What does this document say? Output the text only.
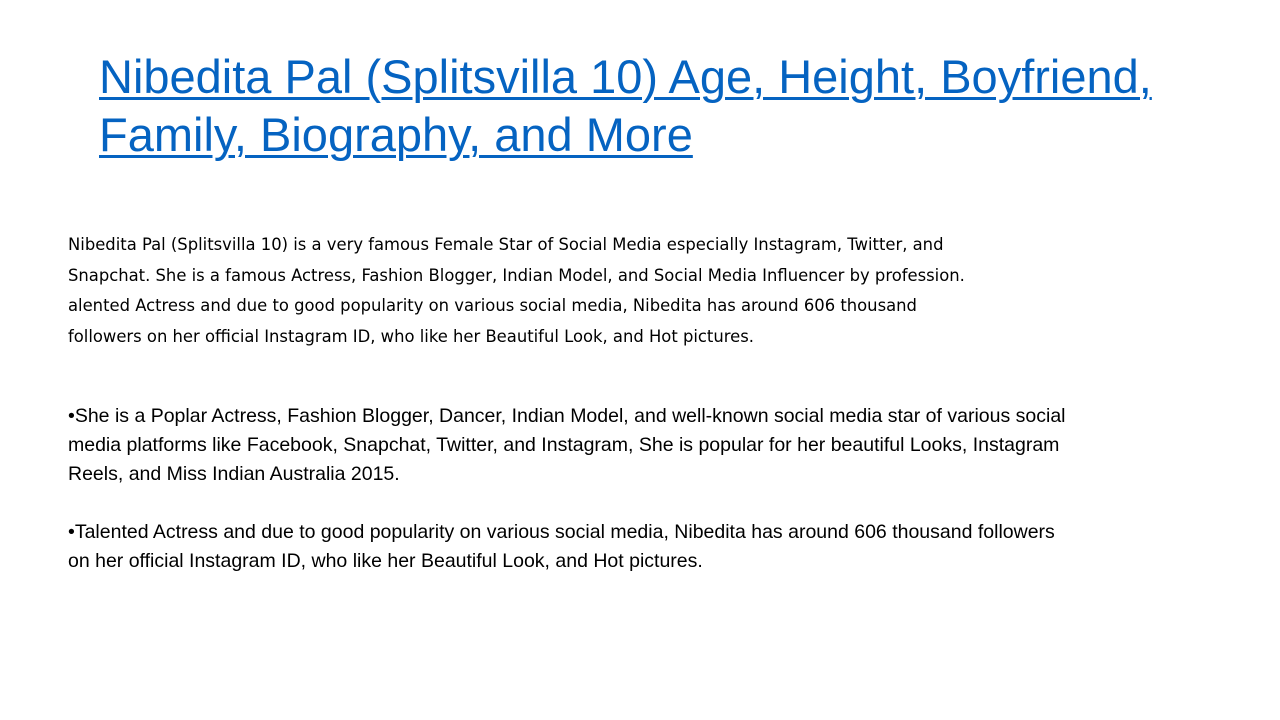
Nibedita Pal (Splitsvilla 10) Age, Height, Boyfriend, Family, Biography, and More

Nibedita Pal (Splitsvilla 10) is a very famous Female Star of Social Media especially Instagram, Twitter, and Snapchat. She is a famous Actress, Fashion Blogger, Indian Model, and Social Media Influencer by profession. alented Actress and due to good popularity on various social media, Nibedita has around 606 thousand followers on her official Instagram ID, who like her Beautiful Look, and Hot pictures.

•She is a Poplar Actress, Fashion Blogger, Dancer, Indian Model, and well-known social media star of various social media platforms like Facebook, Snapchat, Twitter, and Instagram, She is popular for her beautiful Looks, Instagram Reels, and Miss Indian Australia 2015.
•Talented Actress and due to good popularity on various social media, Nibedita has around 606 thousand followers on her official Instagram ID, who like her Beautiful Look, and Hot pictures.
